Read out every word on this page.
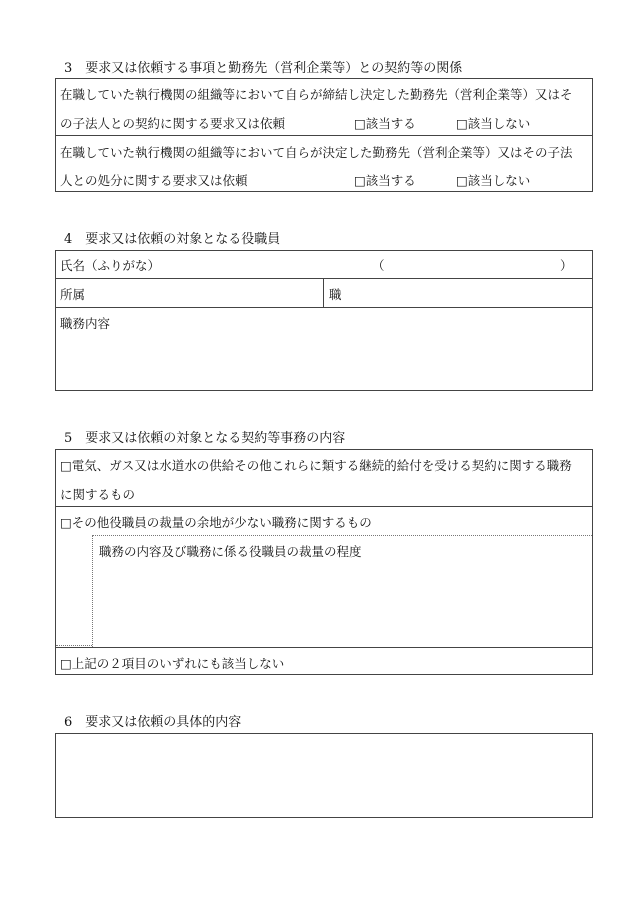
3　要求又は依頼する事項と勤務先（営利企業等）との契約等の関係
在職していた執行機関の組織等において自らが締結し決定した勤務先（営利企業等）又はそ
の子法人との契約に関する要求又は依頼	□該当する	□該当しない
在職していた執行機関の組織等において自らが決定した勤務先（営利企業等）又はその子法
人との処分に関する要求又は依頼	□該当する	□該当しない
4　要求又は依頼の対象となる役職員
氏名（ふりがな）	（	）
所属	職
職務内容
5　要求又は依頼の対象となる契約等事務の内容
□電気、ガス又は水道水の供給その他これらに類する継続的給付を受ける契約に関する職務
に関するもの
□その他役職員の裁量の余地が少ない職務に関するもの
職務の内容及び職務に係る役職員の裁量の程度
□上記の２項目のいずれにも該当しない
6　要求又は依頼の具体的内容
